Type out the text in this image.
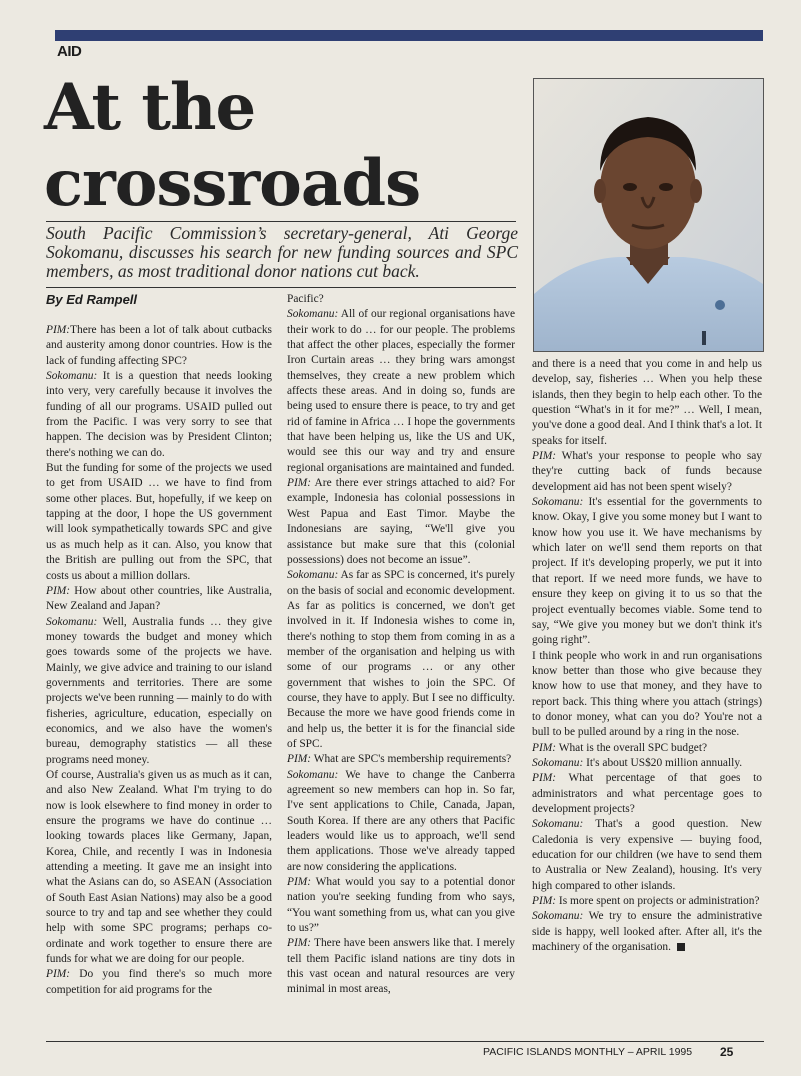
AID
At the
crossroads

South Pacific Commission’s secretary-general, Ati George Sokomanu, discusses his search for new funding sources and SPC members, as most traditional donor nations cut back.

By Ed Rampell

PIM:There has been a lot of talk about cutbacks and austerity among donor countries. How is the lack of funding affecting SPC?

Sokomanu: It is a question that needs looking into very, very carefully because it involves the funding of all our programs. USAID pulled out from the Pacific. I was very sorry to see that happen. The decision was by President Clinton; there's nothing we can do.

But the funding for some of the projects we used to get from USAID … we have to find from some other places. But, hopefully, if we keep on tapping at the door, I hope the US government will look sympathetically towards SPC and give us as much help as it can. Also, you know that the British are pulling out from the SPC, that costs us about a million dollars.

PIM: How about other countries, like Australia, New Zealand and Japan?

Sokomanu: Well, Australia funds … they give money towards the budget and money which goes towards some of the projects we have. Mainly, we give advice and training to our island governments and territories. There are some projects we've been running — mainly to do with fisheries, agriculture, education, especially on economics, and we also have the women's bureau, demography statistics — all these programs need money.

Of course, Australia's given us as much as it can, and also New Zealand. What I'm trying to do now is look elsewhere to find money in order to ensure the programs we have do continue … looking towards places like Germany, Japan, Korea, Chile, and recently I was in Indonesia attending a meeting. It gave me an insight into what the Asians can do, so ASEAN (Association of South East Asian Nations) may also be a good source to try and tap and see whether they could help with some SPC programs; perhaps co-ordinate and work together to ensure there are funds for what we are doing for our people.

PIM: Do you find there's so much more competition for aid programs for the

Pacific?

Sokomanu: All of our regional organisations have their work to do … for our people. The problems that affect the other places, especially the former Iron Curtain areas … they bring wars amongst themselves, they create a new problem which affects these areas. And in doing so, funds are being used to ensure there is peace, to try and get rid of famine in Africa … I hope the governments that have been helping us, like the US and UK, would see this our way and try and ensure regional organisations are maintained and funded.

PIM: Are there ever strings attached to aid? For example, Indonesia has colonial possessions in West Papua and East Timor. Maybe the Indonesians are saying, “We'll give you assistance but make sure that this (colonial possessions) does not become an issue”.

Sokomanu: As far as SPC is concerned, it's purely on the basis of social and economic development. As far as politics is concerned, we don't get involved in it. If Indonesia wishes to come in, there's nothing to stop them from coming in as a member of the organisation and helping us with some of our programs … or any other government that wishes to join the SPC. Of course, they have to apply. But I see no difficulty. Because the more we have good friends come in and help us, the better it is for the financial side of SPC.

PIM: What are SPC's membership requirements?

Sokomanu: We have to change the Canberra agreement so new members can hop in. So far, I've sent applications to Chile, Canada, Japan, South Korea. If there are any others that Pacific leaders would like us to approach, we'll send them applications. Those we've already tapped are now considering the applications.

PIM: What would you say to a potential donor nation you're seeking funding from who says, “You want something from us, what can you give to us?”

PIM: There have been answers like that. I merely tell them Pacific island nations are tiny dots in this vast ocean and natural resources are very minimal in most areas,

and there is a need that you come in and help us develop, say, fisheries … When you help these islands, then they begin to help each other. To the question “What's in it for me?” … Well, I mean, you've done a good deal. And I think that's a lot. It speaks for itself.

PIM: What's your response to people who say they're cutting back of funds because development aid has not been spent wisely?

Sokomanu: It's essential for the governments to know. Okay, I give you some money but I want to know how you use it. We have mechanisms by which later on we'll send them reports on that project. If it's developing properly, we put it into that report. If we need more funds, we have to ensure they keep on giving it to us so that the project eventually becomes viable. Some tend to say, “We give you money but we don't think it's going right”.

I think people who work in and run organisations know better than those who give because they know how to use that money, and they have to report back. This thing where you attach (strings) to donor money, what can you do? You're not a bull to be pulled around by a ring in the nose.

PIM: What is the overall SPC budget?

Sokomanu: It's about US$20 million annually.

PIM: What percentage of that goes to administrators and what percentage goes to development projects?

Sokomanu: That's a good question. New Caledonia is very expensive — buying food, education for our children (we have to send them to Australia or New Zealand), housing. It's very high compared to other islands.

PIM: Is more spent on projects or administration?

Sokomanu: We try to ensure the administrative side is happy, well looked after. After all, it's the machinery of the organisation.

PACIFIC ISLANDS MONTHLY – APRIL 1995 25
